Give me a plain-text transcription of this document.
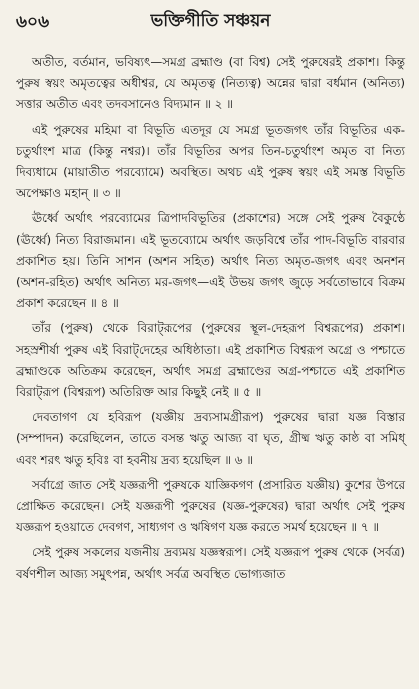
ভক্তিগীতি সঞ্চয়ন
৬০৬

অতীত, বর্তমান, ভবিষ্যৎ—সমগ্র ব্রহ্মাণ্ড (বা বিশ্ব) সেই পুরুষেরই প্রকাশ। কিন্তু পুরুষ স্বয়ং অমৃতত্বের অধীশ্বর, যে অমৃতত্ব (নিত্যত্ব) অন্নের দ্বারা বর্ধমান (অনিত্য) সত্তার অতীত এবং তদবসানেও বিদ্যমান ॥ ২ ॥

এই পুরুষের মহিমা বা বিভূতি এতদূর যে সমগ্র ভূতজগৎ তাঁর বিভূতির এক-চতুর্থাংশ মাত্র (কিন্তু নশ্বর)। তাঁর বিভূতির অপর তিন-চতুর্থাংশ অমৃত বা নিত্য দিব্যধামে (মায়াতীত পরব্যোমে) অবস্থিত। অথচ এই পুরুষ স্বয়ং এই সমস্ত বিভূতি অপেক্ষাও মহান্‌ ॥ ৩ ॥

ঊর্ধ্বে অর্থাৎ পরব্যোমের ত্রিপাদবিভূতির (প্রকাশের) সঙ্গে সেই পুরুষ বৈকুণ্ঠে (ঊর্ধ্বে) নিত্য বিরাজমান। এই ভূতব্যোমে অর্থাৎ জড়বিশ্বে তাঁর পাদ-বিভূতি বারবার প্রকাশিত হয়। তিনি সাশন (অশন সহিত) অর্থাৎ নিত্য অমৃত-জগৎ এবং অনশন (অশন-রহিত) অর্থাৎ অনিত্য মর-জগৎ—এই উভয় জগৎ জুড়ে সর্বতোভাবে বিক্রম প্রকাশ করেছেন ॥ ৪ ॥

তাঁর (পুরুষ) থেকে বিরাট্‌রূপের (পুরুষের স্থূল-দেহরূপ বিশ্বরূপের) প্রকাশ। সহস্রশীর্ষা পুরুষ এই বিরাট্‌দেহের অধিষ্ঠাতা। এই প্রকাশিত বিশ্বরূপ অগ্রে ও পশ্চাতে ব্রহ্মাণ্ডকে অতিক্রম করেছেন, অর্থাৎ সমগ্র ব্রহ্মাণ্ডের অগ্র-পশ্চাতে এই প্রকাশিত বিরাট্‌রূপ (বিশ্বরূপ) অতিরিক্ত আর কিছুই নেই ॥ ৫ ॥

দেবতাগণ যে হবিরূপ (যজ্ঞীয় দ্রব্যসামগ্রীরূপ) পুরুষের দ্বারা যজ্ঞ বিস্তার (সম্পাদন) করেছিলেন, তাতে বসন্ত ঋতু আজ্য বা ঘৃত, গ্রীষ্ম ঋতু কাষ্ঠ বা সমিধ্‌ এবং শরৎ ঋতু হবিঃ বা হবনীয় দ্রব্য হয়েছিল ॥ ৬ ॥

সর্বাগ্রে জাত সেই যজ্ঞরূপী পুরুষকে যাজ্ঞিকগণ (প্রসারিত যজ্ঞীয়) কুশের উপরে প্রোক্ষিত করেছেন। সেই যজ্ঞরূপী পুরুষের (যজ্ঞ-পুরুষের) দ্বারা অর্থাৎ সেই পুরুষ যজ্ঞরূপ হওয়াতে দেবগণ, সাধ্যগণ ও ঋষিগণ যজ্ঞ করতে সমর্থ হয়েছেন ॥ ৭ ॥

সেই পুরুষ সকলের যজনীয় দ্রব্যময় যজ্ঞস্বরূপ। সেই যজ্ঞরূপ পুরুষ থেকে (সর্বত্র) বর্ষণশীল আজ্য সমুৎপন্ন, অর্থাৎ সর্বত্র অবস্থিত ভোগ্যজাত
